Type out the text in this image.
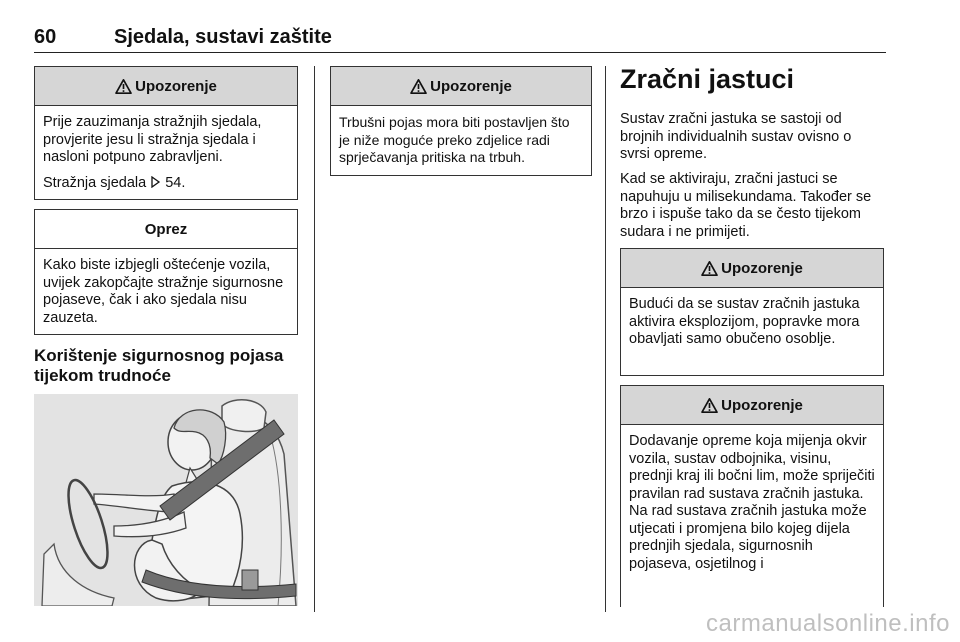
60	Sjedala, sustavi zaštite
Upozorenje

Prije zauzimanja stražnjih sjedala, provjerite jesu li stražnja sjedala i nasloni potpuno zabravljeni.

Stražnja sjedala 54.

Oprez

Kako biste izbjegli oštećenje vozila, uvijek zakopčajte stražnje sigurnosne pojaseve, čak i ako sjedala nisu zauzeta.

Korištenje sigurnosnog pojasa tijekom trudnoće
Upozorenje

Trbušni pojas mora biti postavljen što je niže moguće preko zdjelice radi sprječavanja pritiska na trbuh.

Zračni jastuci

Sustav zračni jastuka se sastoji od brojnih individualnih sustav ovisno o svrsi opreme.

Kad se aktiviraju, zračni jastuci se napuhuju u milisekundama. Također se brzo i ispuše tako da se često tijekom sudara i ne primijeti.

Upozorenje

Budući da se sustav zračnih jastuka aktivira eksplozijom, popravke mora obavljati samo obučeno osoblje.

Upozorenje

Dodavanje opreme koja mijenja okvir vozila, sustav odbojnika, visinu, prednji kraj ili bočni lim, može spriječiti pravilan rad sustava zračnih jastuka. Na rad sustava zračnih jastuka može utjecati i promjena bilo kojeg dijela prednjih sjedala, sigurnosnih pojaseva, osjetilnog i

carmanualsonline.info
